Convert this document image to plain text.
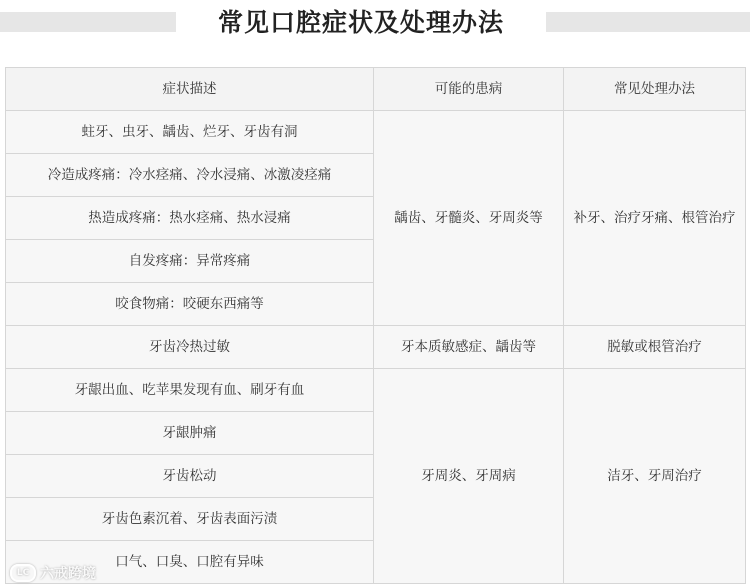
常见口腔症状及处理办法
症状描述	可能的患病	常见处理办法
蛀牙、虫牙、龋齿、烂牙、牙齿有洞	龋齿、牙髓炎、牙周炎等	补牙、治疗牙痛、根管治疗
冷造成疼痛：冷水痉痛、冷水浸痛、冰激凌痉痛		
热造成疼痛：热水痉痛、热水浸痛		
自发疼痛：异常疼痛		
咬食物痛：咬硬东西痛等		
牙齿冷热过敏	牙本质敏感症、龋齿等	脱敏或根管治疗
牙龈出血、吃苹果发现有血、刷牙有血	牙周炎、牙周病	洁牙、牙周治疗
牙龈肿痛		
牙齿松动		
牙齿色素沉着、牙齿表面污渍		
口气、口臭、口腔有异味		
LC 六戒跨境
